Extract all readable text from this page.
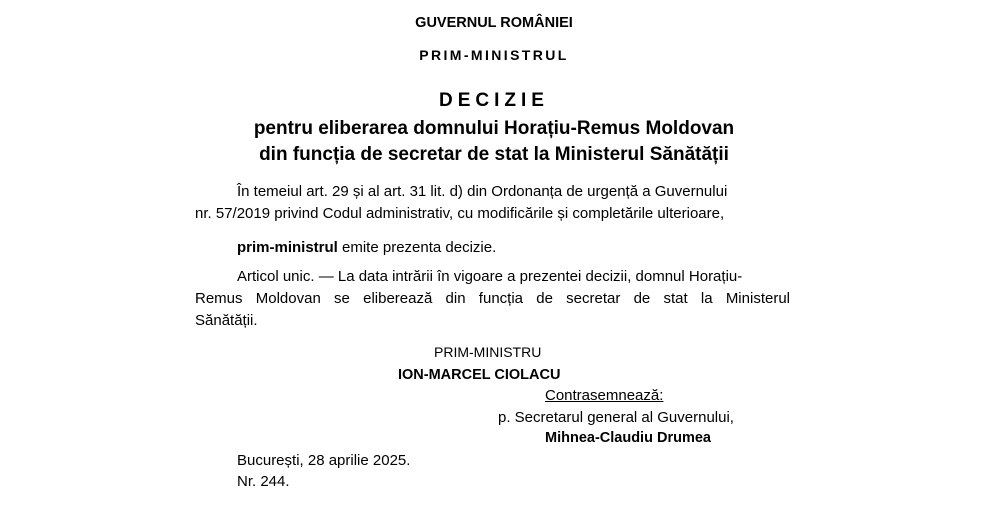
GUVERNUL ROMÂNIEI
PRIM-MINISTRUL
DECIZIE
pentru eliberarea domnului Horațiu-Remus Moldovan
din funcția de secretar de stat la Ministerul Sănătății
În temeiul art. 29 și al art. 31 lit. d) din Ordonanța de urgență a Guvernului
nr. 57/2019 privind Codul administrativ, cu modificările și completările ulterioare,
prim-ministrul emite prezenta decizie.
Articol unic. — La data intrării în vigoare a prezentei decizii, domnul Horațiu-
Remus Moldovan se eliberează din funcția de secretar de stat la Ministerul
Sănătății.
PRIM-MINISTRU
ION-MARCEL CIOLACU
Contrasemnează:
p. Secretarul general al Guvernului,
Mihnea-Claudiu Drumea
București, 28 aprilie 2025.
Nr. 244.
